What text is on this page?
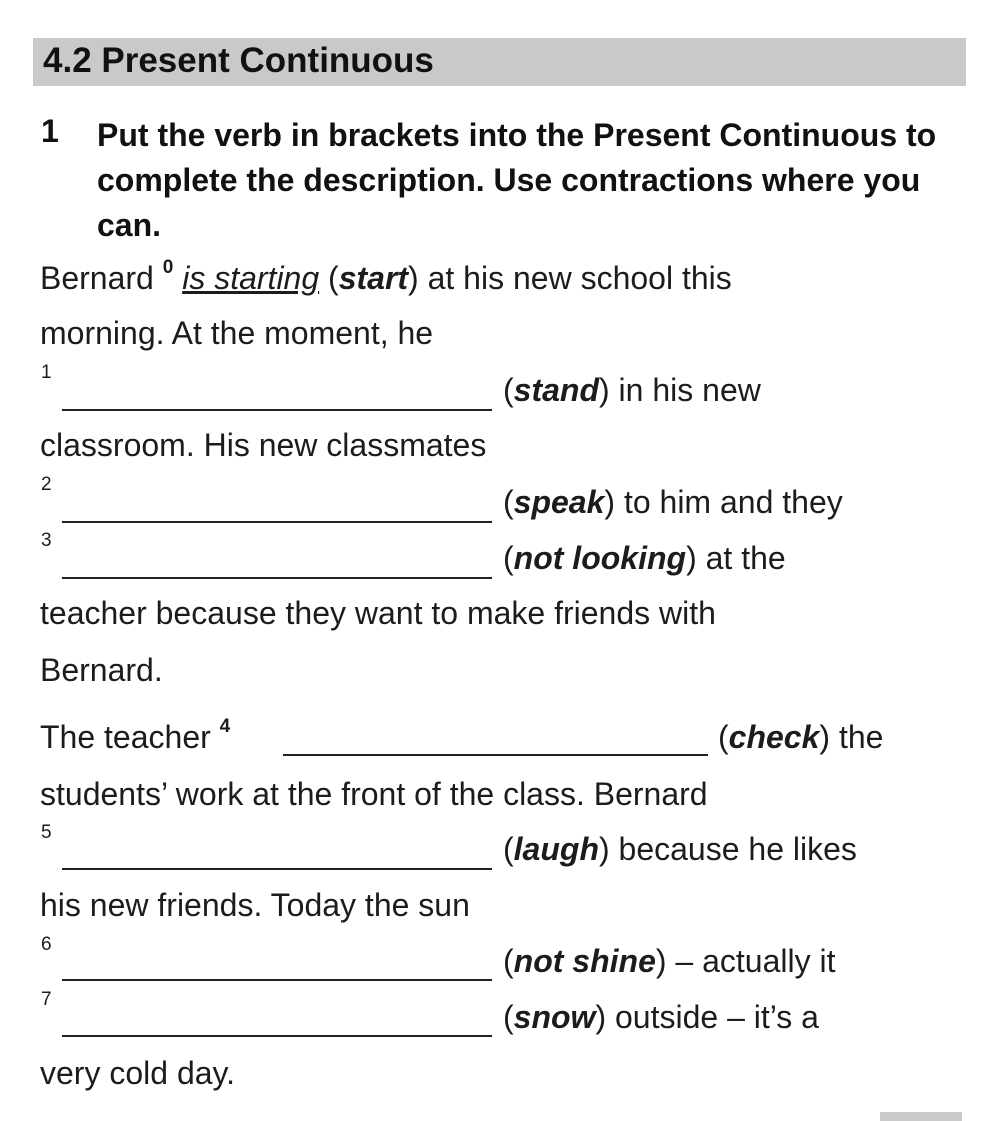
4.2 Present Continuous
1 Put the verb in brackets into the Present Continuous to complete the description. Use contractions where you can.
Bernard $^0$ is starting (start) at his new school this
morning. At the moment, he
1	(stand) in his new
classroom. His new classmates
2	(speak) to him and they
3	(not looking) at the
teacher because they want to make friends with
Bernard.
The teacher $^4$	(check) the
students’ work at the front of the class. Bernard
5	(laugh) because he likes
his new friends. Today the sun
6	(not shine) – actually it
7	(snow) outside – it’s a
very cold day.
